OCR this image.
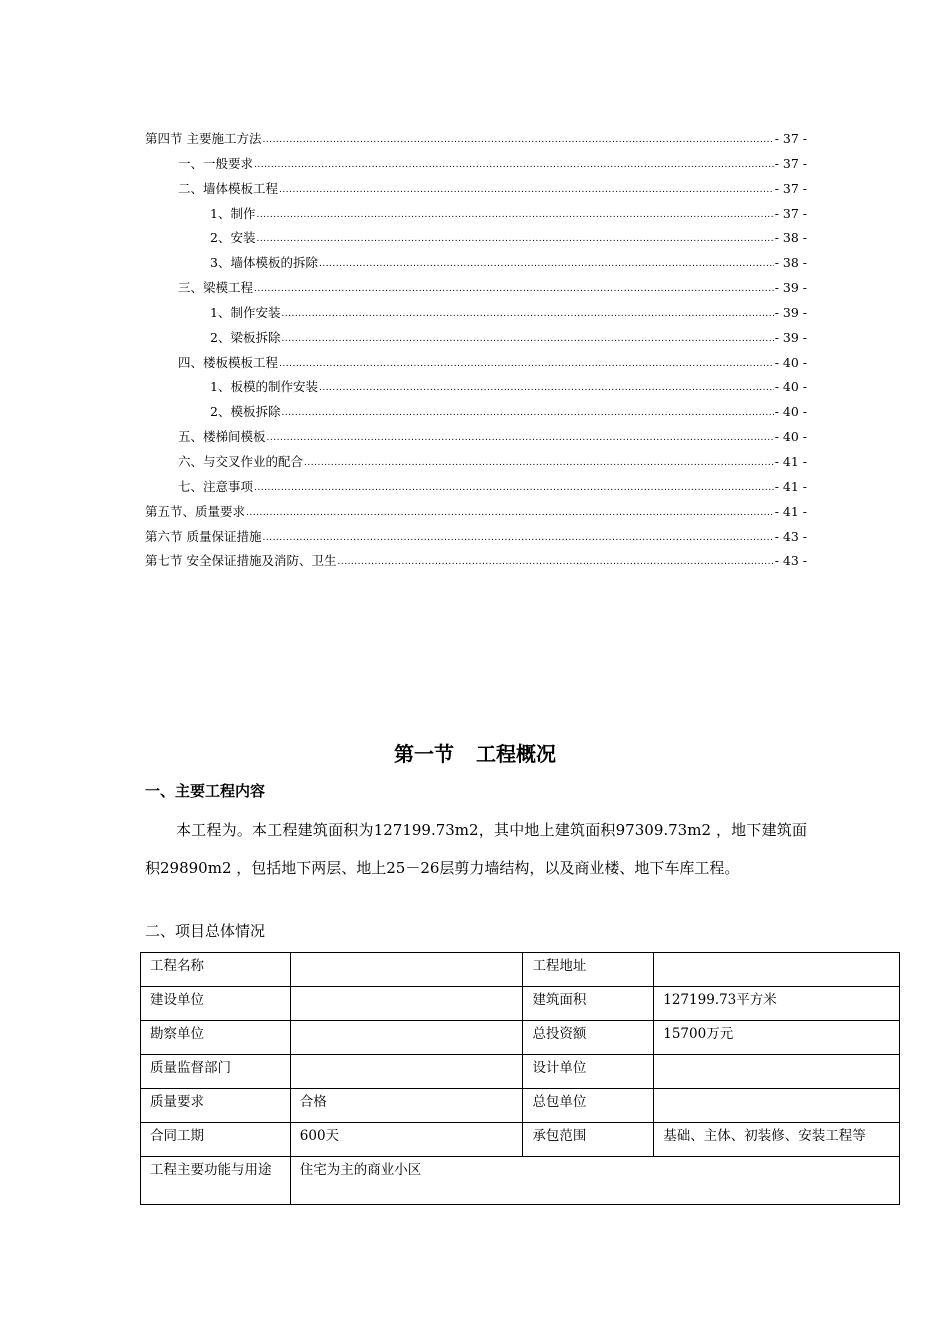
第四节 主要施工方法 .....	- 37 -
一、一般要求 .....	- 37 -
二、墙体模板工程 .....	- 37 -
1、制作 .....	- 37 -
2、安装 .....	- 38 -
3、墙体模板的拆除 .....	- 38 -
三、梁模工程 .....	- 39 -
1、制作安装 .....	- 39 -
2、梁板拆除 .....	- 39 -
四、楼板模板工程 .....	- 40 -
1、板模的制作安装 .....	- 40 -
2、模板拆除 .....	- 40 -
五、楼梯间模板 .....	- 40 -
六、与交叉作业的配合 .....	- 41 -
七、注意事项 .....	- 41 -
第五节、质量要求 .....	- 41 -
第六节 质量保证措施 .....	- 43 -
第七节 安全保证措施及消防、卫生 .....	- 43 -
第一节 工程概况
一、主要工程内容
本工程为。本工程建筑面积为127199.73m2，其中地上建筑面积97309.73m2 ，地下建筑面积29890m2 ，包括地下两层、地上25－26层剪力墙结构，以及商业楼、地下车库工程。
二、项目总体情况
工程名称		工程地址	
建设单位		建筑面积	127199.73平方米
勘察单位		总投资额	15700万元
质量监督部门		设计单位	
质量要求	合格	总包单位	
合同工期	600天	承包范围	基础、主体、初装修、安装工程等
工程主要功能与用途	住宅为主的商业小区		
